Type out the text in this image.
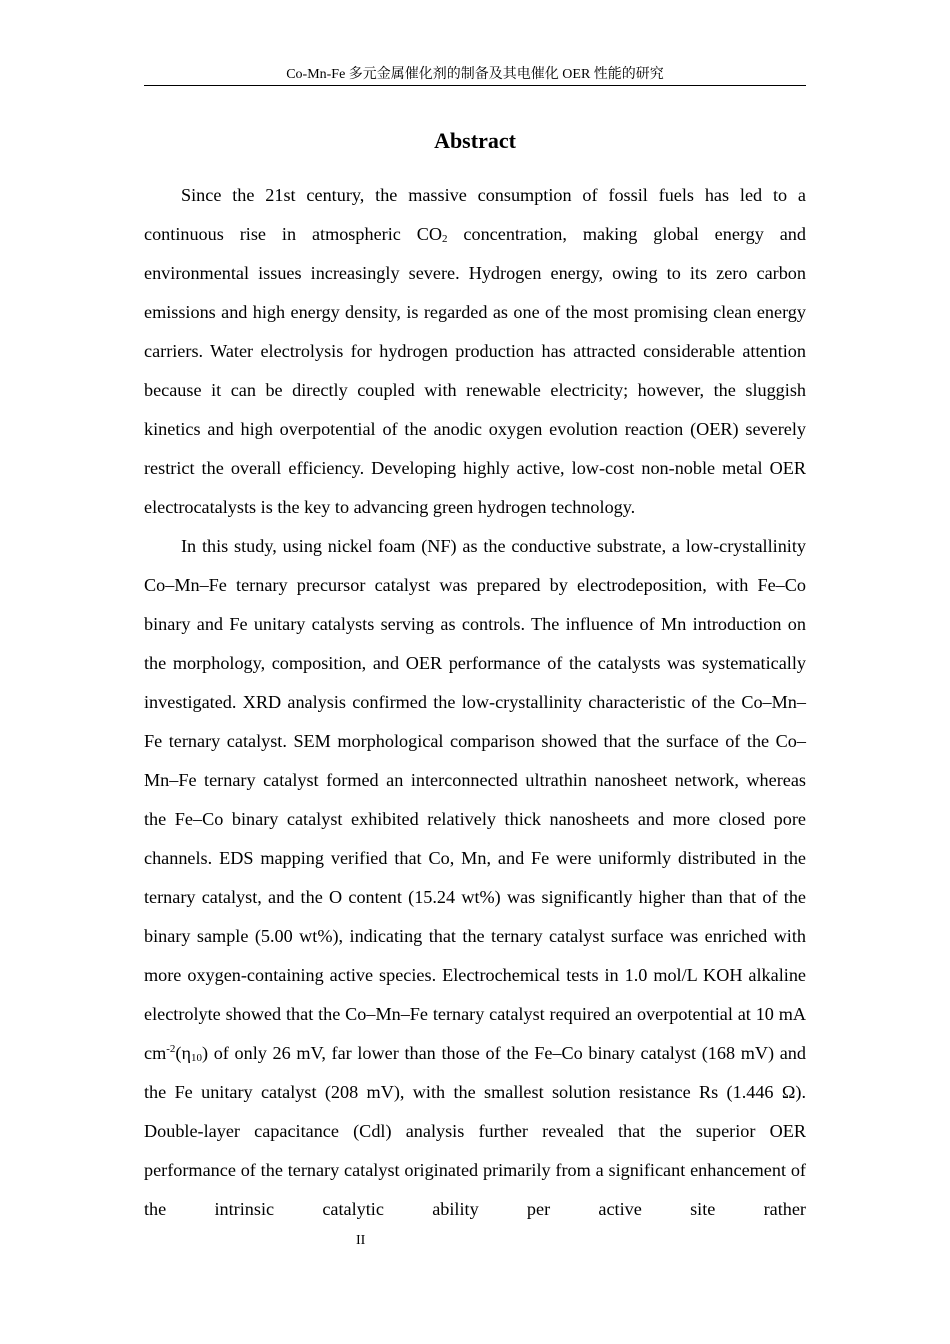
Co-Mn-Fe 多元金属催化剂的制备及其电催化 OER 性能的研究
Abstract

Since the 21st century, the massive consumption of fossil fuels has led to a continuous rise in atmospheric $CO_2$ concentration, making global energy and environmental issues increasingly severe. Hydrogen energy, owing to its zero carbon emissions and high energy density, is regarded as one of the most promising clean energy carriers. Water electrolysis for hydrogen production has attracted considerable attention because it can be directly coupled with renewable electricity; however, the sluggish kinetics and high overpotential of the anodic oxygen evolution reaction (OER) severely restrict the overall efficiency. Developing highly active, low-cost non-noble metal OER electrocatalysts is the key to advancing green hydrogen technology.

In this study, using nickel foam (NF) as the conductive substrate, a low-crystallinity Co–Mn–Fe ternary precursor catalyst was prepared by electrodeposition, with Fe–Co binary and Fe unitary catalysts serving as controls. The influence of Mn introduction on the morphology, composition, and OER performance of the catalysts was systematically investigated. XRD analysis confirmed the low-crystallinity characteristic of the Co–Mn–Fe ternary catalyst. SEM morphological comparison showed that the surface of the Co–Mn–Fe ternary catalyst formed an interconnected ultrathin nanosheet network, whereas the Fe–Co binary catalyst exhibited relatively thick nanosheets and more closed pore channels. EDS mapping verified that Co, Mn, and Fe were uniformly distributed in the ternary catalyst, and the O content (15.24 wt%) was significantly higher than that of the binary sample (5.00 wt%), indicating that the ternary catalyst surface was enriched with more oxygen-containing active species. Electrochemical tests in 1.0 mol/L KOH alkaline electrolyte showed that the Co–Mn–Fe ternary catalyst required an overpotential at 10 mA $cm^{-2}(\eta_{10})$ of only 26 mV, far lower than those of the Fe–Co binary catalyst (168 mV) and the Fe unitary catalyst (208 mV), with the smallest solution resistance Rs (1.446 Ω). Double-layer capacitance (Cdl) analysis further revealed that the superior OER performance of the ternary catalyst originated primarily from a significant enhancement of the intrinsic catalytic ability per active site rather

II
